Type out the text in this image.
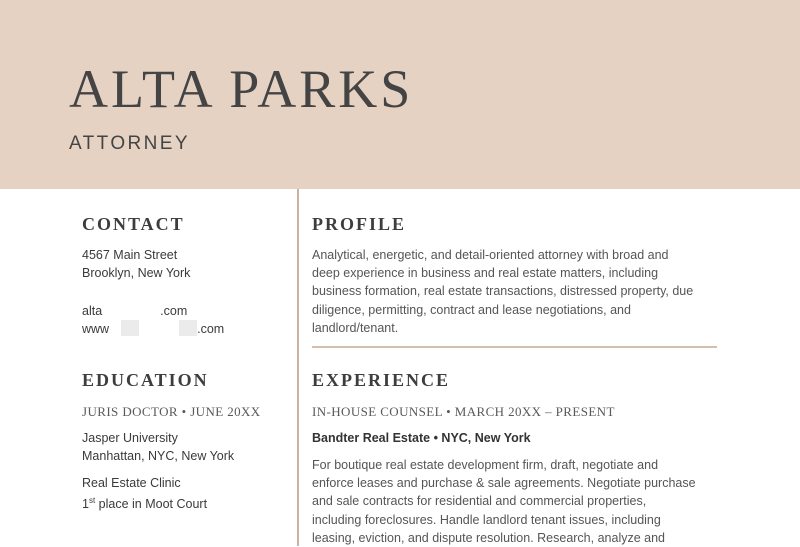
ALTA PARKS
ATTORNEY
CONTACT
4567 Main Street
Brooklyn, New York
alta	.com
www	.com
EDUCATION
JURIS DOCTOR • JUNE 20XX
Jasper University
Manhattan, NYC, New York
Real Estate Clinic
1st place in Moot Court
PROFILE
Analytical, energetic, and detail-oriented attorney with broad and
deep experience in business and real estate matters, including
business formation, real estate transactions, distressed property, due
diligence, permitting, contract and lease negotiations, and
landlord/tenant.
EXPERIENCE
IN-HOUSE COUNSEL • MARCH 20XX – PRESENT
Bandter Real Estate • NYC, New York
For boutique real estate development firm, draft, negotiate and
enforce leases and purchase & sale agreements. Negotiate purchase
and sale contracts for residential and commercial properties,
including foreclosures. Handle landlord tenant issues, including
leasing, eviction, and dispute resolution. Research, analyze and
